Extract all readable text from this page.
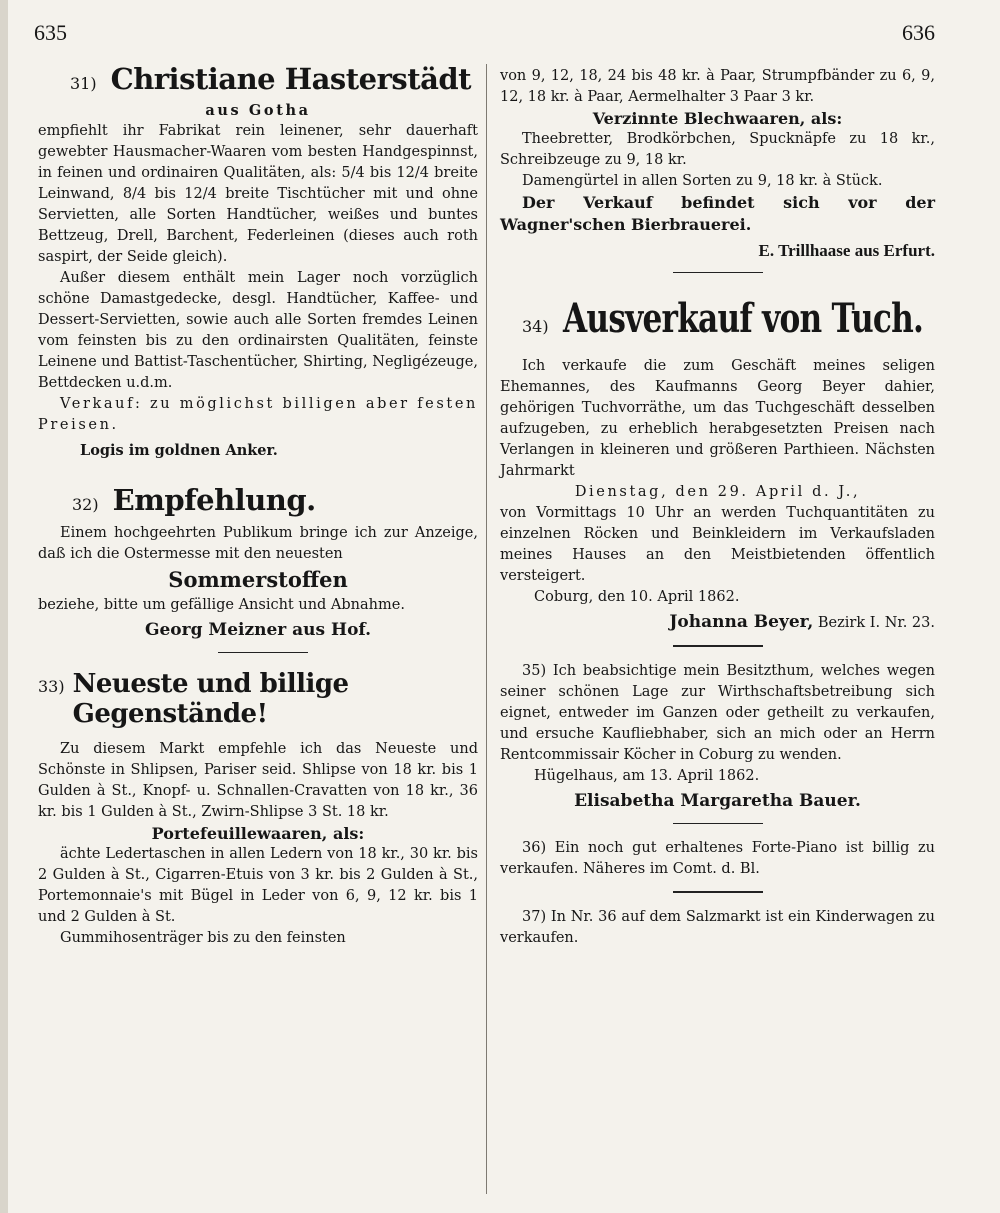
635	636
31) Christiane Hasterstädt

aus Gotha

empfiehlt ihr Fabrikat rein leinener, sehr dauerhaft gewebter Hausmacher-Waaren vom besten Handgespinnst, in feinen und ordinairen Qualitäten, als: 5/4 bis 12/4 breite Leinwand, 8/4 bis 12/4 breite Tischtücher mit und ohne Servietten, alle Sorten Handtücher, weißes und buntes Bettzeug, Drell, Barchent, Federleinen (dieses auch roth saspirt, der Seide gleich).

Außer diesem enthält mein Lager noch vorzüglich schöne Damastgedecke, desgl. Handtücher, Kaffee- und Dessert-Servietten, sowie auch alle Sorten fremdes Leinen vom feinsten bis zu den ordinairsten Qualitäten, feinste Leinene und Battist-Taschentücher, Shirting, Negligézeuge, Bettdecken u.d.m.

Verkauf: zu möglichst billigen aber festen Preisen.

Logis im goldnen Anker.

32) Empfehlung.

Einem hochgeehrten Publikum bringe ich zur Anzeige, daß ich die Ostermesse mit den neuesten

Sommerstoffen

beziehe, bitte um gefällige Ansicht und Abnahme.

Georg Meizner aus Hof.

33) Neueste und billige Gegenstände!

Zu diesem Markt empfehle ich das Neueste und Schönste in Shlipsen, Pariser seid. Shlipse von 18 kr. bis 1 Gulden à St., Knopf- u. Schnallen-Cravatten von 18 kr., 36 kr. bis 1 Gulden à St., Zwirn-Shlipse 3 St. 18 kr.

Portefeuillewaaren, als:

ächte Ledertaschen in allen Ledern von 18 kr., 30 kr. bis 2 Gulden à St., Cigarren-Etuis von 3 kr. bis 2 Gulden à St., Portemonnaie's mit Bügel in Leder von 6, 9, 12 kr. bis 1 und 2 Gulden à St.

Gummihosenträger bis zu den feinsten

von 9, 12, 18, 24 bis 48 kr. à Paar, Strumpfbänder zu 6, 9, 12, 18 kr. à Paar, Aermelhalter 3 Paar 3 kr.

Verzinnte Blechwaaren, als:

Theebretter, Brodkörbchen, Spucknäpfe zu 18 kr., Schreibzeuge zu 9, 18 kr.

Damengürtel in allen Sorten zu 9, 18 kr. à Stück.

Der Verkauf befindet sich vor der Wagner'schen Bierbrauerei.

E. Trillhaase aus Erfurt.

34) Ausverkauf von Tuch.

Ich verkaufe die zum Geschäft meines seligen Ehemannes, des Kaufmanns Georg Beyer dahier, gehörigen Tuchvorräthe, um das Tuchgeschäft desselben aufzugeben, zu erheblich herabgesetzten Preisen nach Verlangen in kleineren und größeren Parthieen. Nächsten Jahrmarkt

Dienstag, den 29. April d. J.,

von Vormittags 10 Uhr an werden Tuchquantitäten zu einzelnen Röcken und Beinkleidern im Verkaufsladen meines Hauses an den Meistbietenden öffentlich versteigert.

Coburg, den 10. April 1862.

Johanna Beyer, Bezirk I. Nr. 23.

35) Ich beabsichtige mein Besitzthum, welches wegen seiner schönen Lage zur Wirthschaftsbetreibung sich eignet, entweder im Ganzen oder getheilt zu verkaufen, und ersuche Kaufliebhaber, sich an mich oder an Herrn Rentcommissair Köcher in Coburg zu wenden.

Hügelhaus, am 13. April 1862.

Elisabetha Margaretha Bauer.

36) Ein noch gut erhaltenes Forte-Piano ist billig zu verkaufen. Näheres im Comt. d. Bl.

37) In Nr. 36 auf dem Salzmarkt ist ein Kinderwagen zu verkaufen.
